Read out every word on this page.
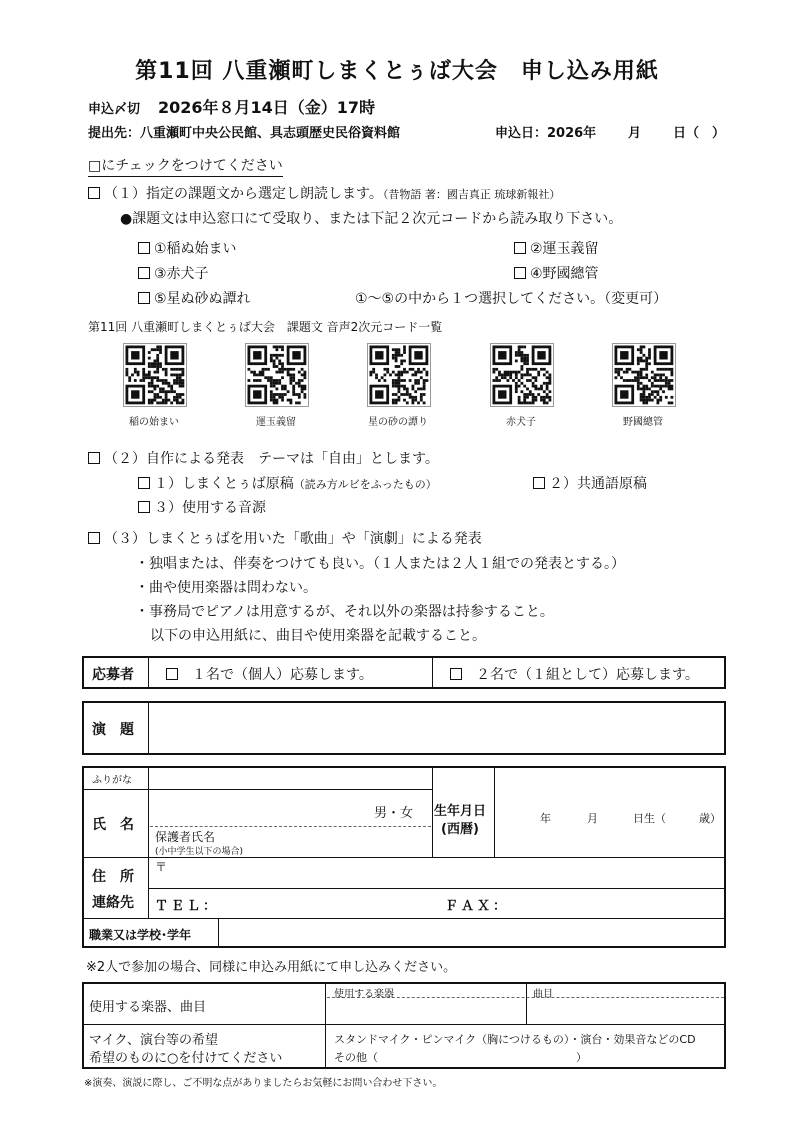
第11回 八重瀬町しまくとぅば大会　申し込み用紙
申込〆切 2026年８月14日（金）17時
提出先：八重瀬町中央公民館、具志頭歴史民俗資料館	申込日：2026年 月 日（　）
□にチェックをつけてください
（１）指定の課題文から選定し朗読します。（昔物語 著：國吉真正 琉球新報社）
●課題文は申込窓口にて受取り、または下記２次元コードから読み取り下さい。
①稲ぬ始まい	②運玉義留
③赤犬子	④野國總管
⑤星ぬ砂ぬ譚れ	①〜⑤の中から１つ選択してください。（変更可）
第11回 八重瀬町しまくとぅば大会　課題文 音声2次元コード一覧
稲の始まい	運玉義留	星の砂の譚り	赤犬子	野國總管
（２）自作による発表　テーマは「自由」とします。
１）しまくとぅば原稿（読み方ルビをふったもの）	２）共通語原稿
３）使用する音源
（３）しまくとぅばを用いた「歌曲」や「演劇」による発表
・独唱または、伴奏をつけても良い。（１人または２人１組での発表とする。）
・曲や使用楽器は問わない。
・事務局でピアノは用意するが、それ以外の楽器は持参すること。
以下の申込用紙に、曲目や使用楽器を記載すること。
応募者	１名で（個人）応募します。	２名で（１組として）応募します。
演　題
ふりがな
氏　名
男・女
保護者氏名
(小中学生以下の場合)
生年月日
(西暦)
年	月	日生（　　　歳）
住　所
連絡先
〒
ＴＥＬ：	ＦＡＸ：
職業又は学校･学年
※2人で参加の場合、同様に申込み用紙にて申し込みください。
使用する楽器、曲目
使用する楽器	曲目
マイク、演台等の希望
希望のものに○を付けてください
スタンドマイク・ピンマイク（胸につけるもの）・演台・効果音などのCD
その他（　　　　　　　　　　　　　　　　　　）
※演奏、演説に際し、ご不明な点がありましたらお気軽にお問い合わせ下さい。
